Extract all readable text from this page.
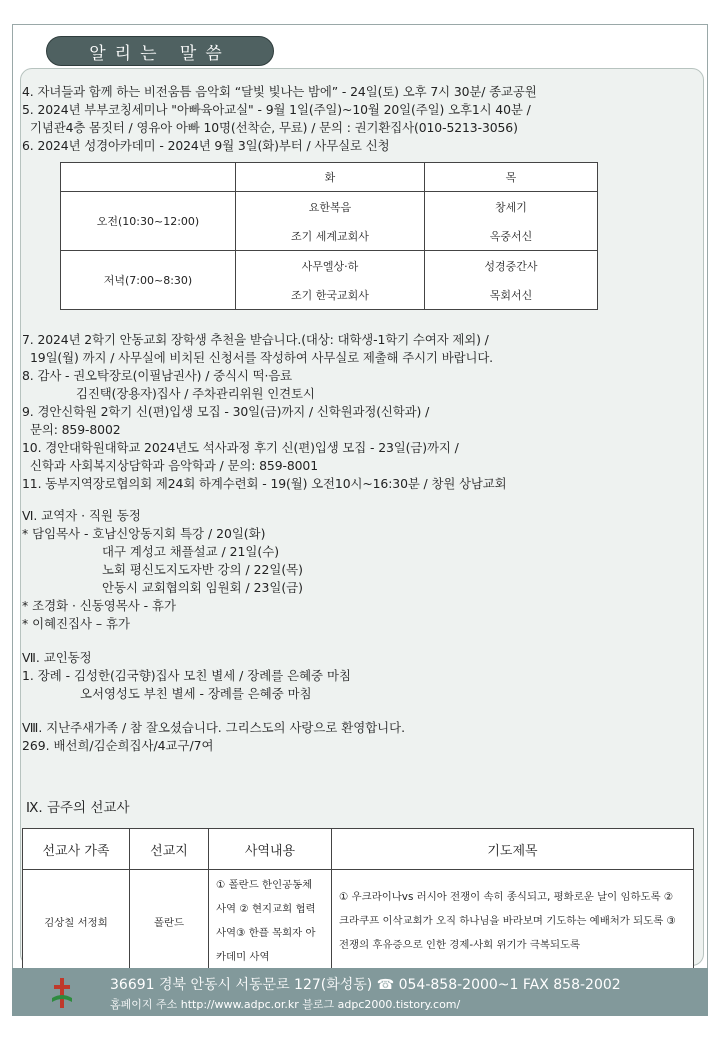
알리는 말씀
4. 자녀들과 함께 하는 비전움틈 음악회 “달빛 빛나는 밤에” - 24일(토) 오후 7시 30분/ 종교공원
5. 2024년 부부코칭세미나 "아빠육아교실" - 9월 1일(주일)~10월 20일(주일) 오후1시 40분 /
기념관4층 몸짓터 / 영유아 아빠 10명(선착순, 무료) / 문의 : 권기환집사(010-5213-3056)
6. 2024년 성경아카데미 - 2024년 9월 3일(화)부터 / 사무실로 신청
	화	목
오전(10:30~12:00)	요한복음	창세기
	조기 세계교회사	옥중서신
저녁(7:00~8:30)	사무엘상·하	성경중간사
	조기 한국교회사	목회서신
7. 2024년 2학기 안동교회 장학생 추천을 받습니다.(대상: 대학생-1학기 수여자 제외) /
19일(월) 까지 / 사무실에 비치된 신청서를 작성하여 사무실로 제출해 주시기 바랍니다.
8. 감사 - 권오탁장로(이필남권사) / 중식시 떡·음료
김진택(장용자)집사 / 주차관리위원 인견토시
9. 경안신학원 2학기 신(편)입생 모집 - 30일(금)까지 / 신학원과정(신학과) /
문의: 859-8002
10. 경안대학원대학교 2024년도 석사과정 후기 신(편)입생 모집 - 23일(금)까지 /
신학과 사회복지상담학과 음악학과 / 문의: 859-8001
11. 동부지역장로협의회 제24회 하계수련회 - 19(월) 오전10시~16:30분 / 창원 상남교회
Ⅵ. 교역자 · 직원 동정
* 담임목사 - 호남신앙동지회 특강 / 20일(화)
대구 계성고 채플설교 / 21일(수)
노회 평신도지도자반 강의 / 22일(목)
안동시 교회협의회 임원회 / 23일(금)
* 조경화 · 신동영목사 - 휴가
* 이혜진집사 – 휴가
Ⅶ. 교인동정
1. 장례 - 김성한(김국향)집사 모친 별세 / 장례를 은혜중 마침
오서영성도 부친 별세 - 장례를 은혜중 마침
Ⅷ. 지난주새가족 / 참 잘오셨습니다. 그리스도의 사랑으로 환영합니다.
269. 배선희/김순희집사/4교구/7여
Ⅸ. 금주의 선교사
선교사 가족	선교지	사역내용	기도제목
김상칠 서정희	폴란드	① 폴란드 한인공동체 사역 ② 현지교회 협력사역③ 한플 목회자 아카데미 사역	① 우크라이나vs 러시아 전쟁이 속히 종식되고, 평화로운 날이 임하도록 ② 크라쿠프 이삭교회가 오직 하나님을 바라보며 기도하는 예배처가 되도록 ③ 전쟁의 후유증으로 인한 경제-사회 위기가 극복되도록
36691 경북 안동시 서동문로 127(화성동) ☎ 054-858-2000~1 FAX 858-2002
홈페이지 주소 http://www.adpc.or.kr 블로그 adpc2000.tistory.com/
